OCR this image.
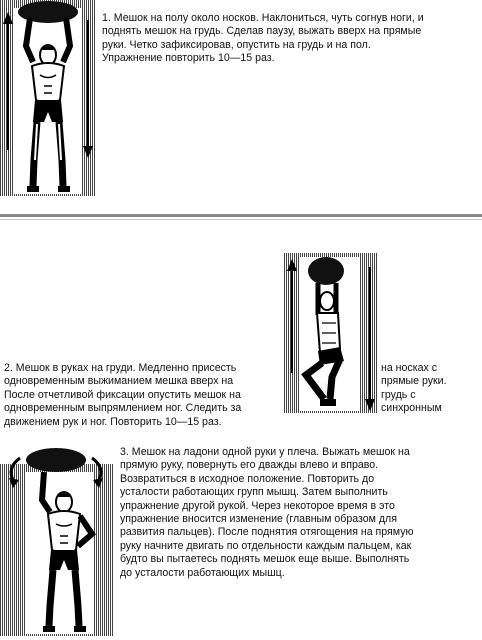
1. Мешок на полу около носков. Наклониться, чуть согнув ноги, и
поднять мешок на грудь. Сделав паузу, выжать вверх на прямые
руки. Четко зафиксировав, опустить на грудь и на пол.
Упражнение повторить 10—15 раз.
2. Мешок в руках на груди. Медленно присесть
одновременным выжиманием мешка вверх на
После отчетливой фиксации опустить мешок на
одновременным выпрямлением ног. Следить за
движением рук и ног. Повторить 10—15 раз.
на носках с
прямые руки.
грудь с
синхронным
3. Мешок на ладони одной руки у плеча. Выжать мешок на
прямую руку, повернуть его дважды влево и вправо.
Возвратиться в исходное положение. Повторить до
усталости работающих групп мышц. Затем выполнить
упражнение другой рукой. Через некоторое время в это
упражнение вносится изменение (главным образом для
развития пальцев). После поднятия отягощения на прямую
руку начните двигать по отдельности каждым пальцем, как
будто вы пытаетесь поднять мешок еще выше. Выполнять
до усталости работающих мышц.
